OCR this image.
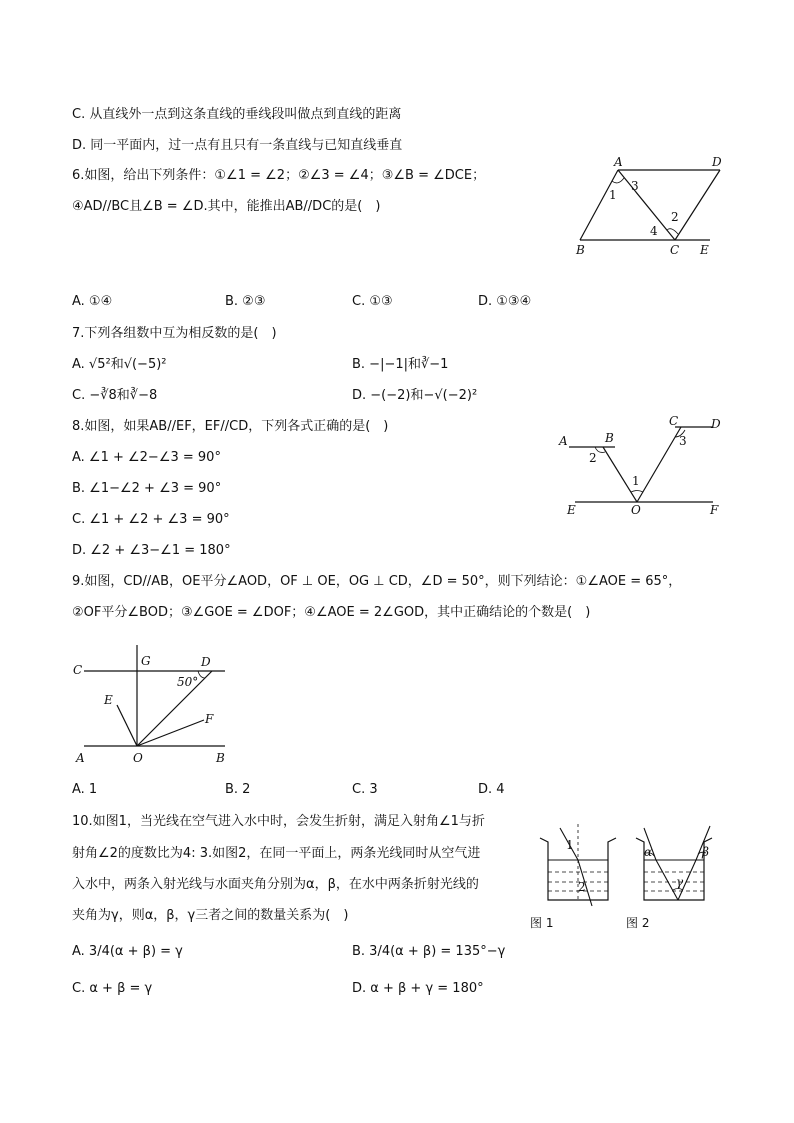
C. 从直线外一点到这条直线的垂线段叫做点到直线的距离
D. 同一平面内，过一点有且只有一条直线与已知直线垂直
6.如图，给出下列条件：①∠1 = ∠2；②∠3 = ∠4；③∠B = ∠DCE；
④AD//BC且∠B = ∠D.其中，能推出AB//DC的是(　)
A	D
B	C E
1
3
2
4
A. ①④	B. ②③	C. ①③	D. ①③④
7.下列各组数中互为相反数的是(　)
A. √5²和√(−5)²	B. −|−1|和∛−1
C. −∛8和∛−8	D. −(−2)和−√(−2)²
8.如图，如果AB//EF，EF//CD，下列各式正确的是(　)
A. ∠1 + ∠2−∠3 = 90°
B. ∠1−∠2 + ∠3 = 90°
C. ∠1 + ∠2 + ∠3 = 90°
D. ∠2 + ∠3−∠1 = 180°
A	B
C	D
E	O	F
1
2
3
9.如图，CD//AB，OE平分∠AOD，OF ⊥ OE，OG ⊥ CD，∠D = 50°，则下列结论：①∠AOE = 65°，
②OF平分∠BOD；③∠GOE = ∠DOF；④∠AOE = 2∠GOD，其中正确结论的个数是(　)
C
G	D
50°
E
F
A	O	B
A. 1	B. 2	C. 3	D. 4
10.如图1，当光线在空气进入水中时，会发生折射，满足入射角∠1与折
射角∠2的度数比为4: 3.如图2，在同一平面上，两条光线同时从空气进
入水中，两条入射光线与水面夹角分别为α，β，在水中两条折射光线的
夹角为γ，则α，β，γ三者之间的数量关系为(　)
1
2
图 1
α	β
γ
图 2
A. 3/4(α + β) = γ	B. 3/4(α + β) = 135°−γ
C. α + β = γ	D. α + β + γ = 180°
